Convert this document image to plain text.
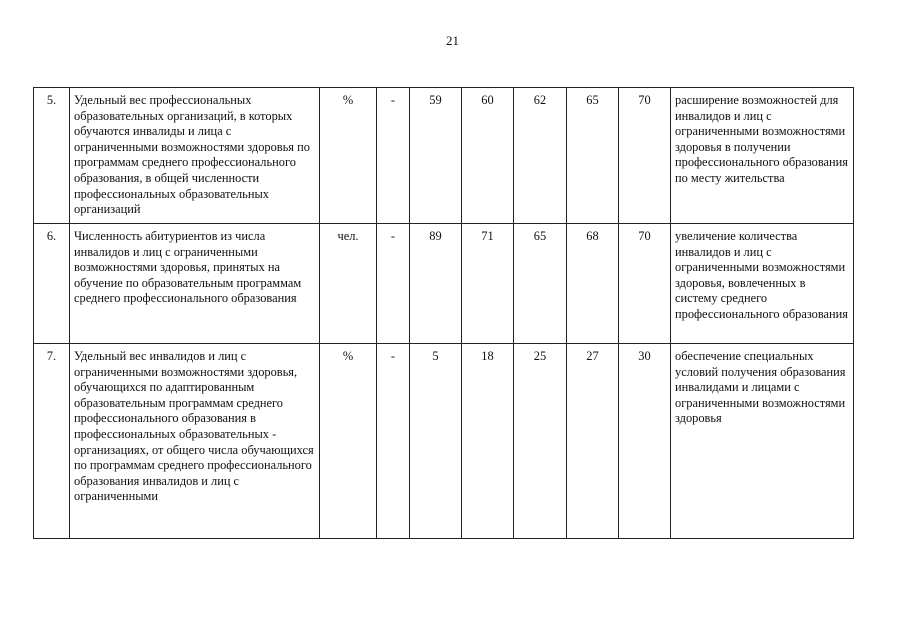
21
5.	Удельный вес профессиональных образовательных организаций, в которых обучаются инвалиды и лица с ограниченными возможностями здоровья по программам среднего профессионального образования, в общей численности профессиональных образовательных организаций	%	-	59	60	62	65	70	расширение возможностей для инвалидов и лиц с ограниченными возможностями здоровья в получении профессионального образования по месту жительства

6.	Численность абитуриентов из числа инвалидов и лиц с ограниченными возможностями здоровья, принятых на обучение по образовательным программам среднего профессионального образования	чел.	-	89	71	65	68	70	увеличение количества инвалидов и лиц с ограниченными возможностями здоровья, вовлеченных в систему среднего профессионального образования

7.	Удельный вес инвалидов и лиц с ограниченными возможностями здоровья, обучающихся по адаптированным образовательным программам среднего профессионального образования в профессиональных образовательных - организациях, от общего числа обучающихся по программам среднего профессионального образования инвалидов и лиц с ограниченными	%	-	5	18	25	27	30	обеспечение специальных условий получения образования инвалидами и лицами с ограниченными возможностями здоровья
